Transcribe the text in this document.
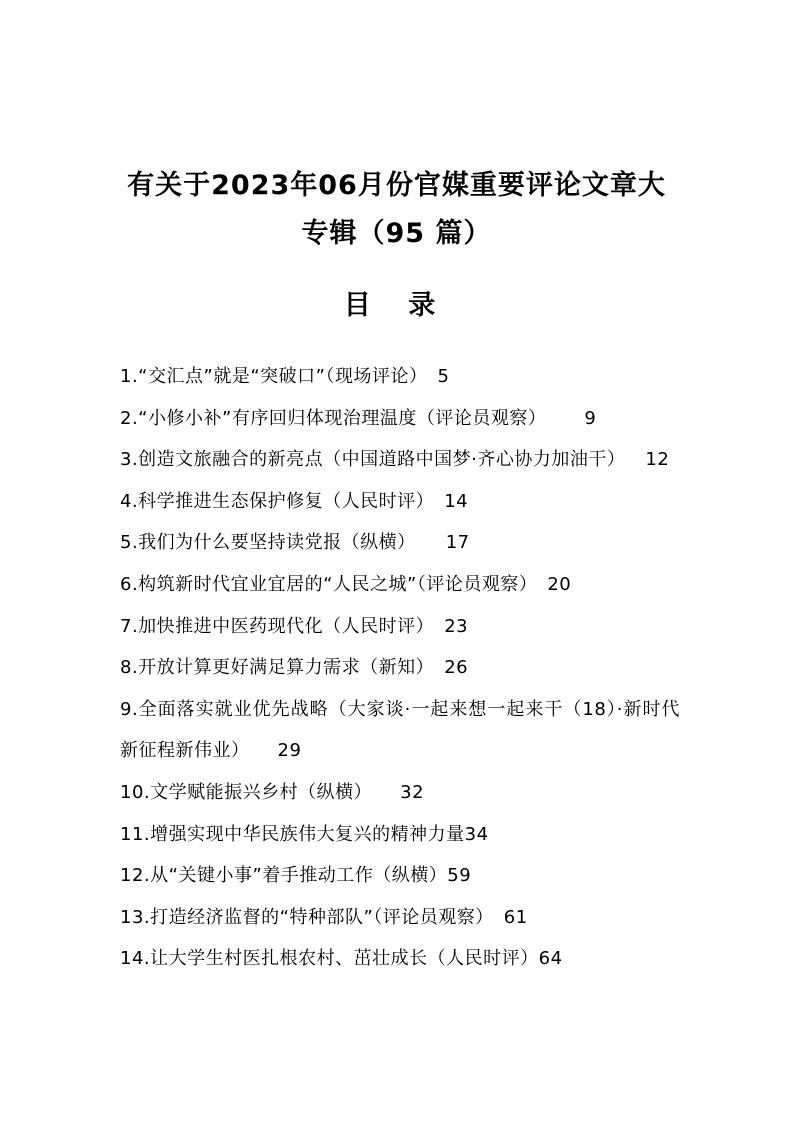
有关于2023年06月份官媒重要评论文章大
专辑（95 篇）
目 录
1.“交汇点”就是“突破口”（现场评论） 5
2.“小修小补”有序回归体现治理温度（评论员观察） 9
3.创造文旅融合的新亮点（中国道路中国梦·齐心协力加油干） 12
4.科学推进生态保护修复（人民时评） 14
5.我们为什么要坚持读党报（纵横） 17
6.构筑新时代宜业宜居的“人民之城”（评论员观察） 20
7.加快推进中医药现代化（人民时评） 23
8.开放计算更好满足算力需求（新知） 26
9.全面落实就业优先战略（大家谈·一起来想一起来干（18）·新时代新征程新伟业） 29
10.文学赋能振兴乡村（纵横） 32
11.增强实现中华民族伟大复兴的精神力量34
12.从“关键小事”着手推动工作（纵横）59
13.打造经济监督的“特种部队”（评论员观察） 61
14.让大学生村医扎根农村、茁壮成长（人民时评）64
